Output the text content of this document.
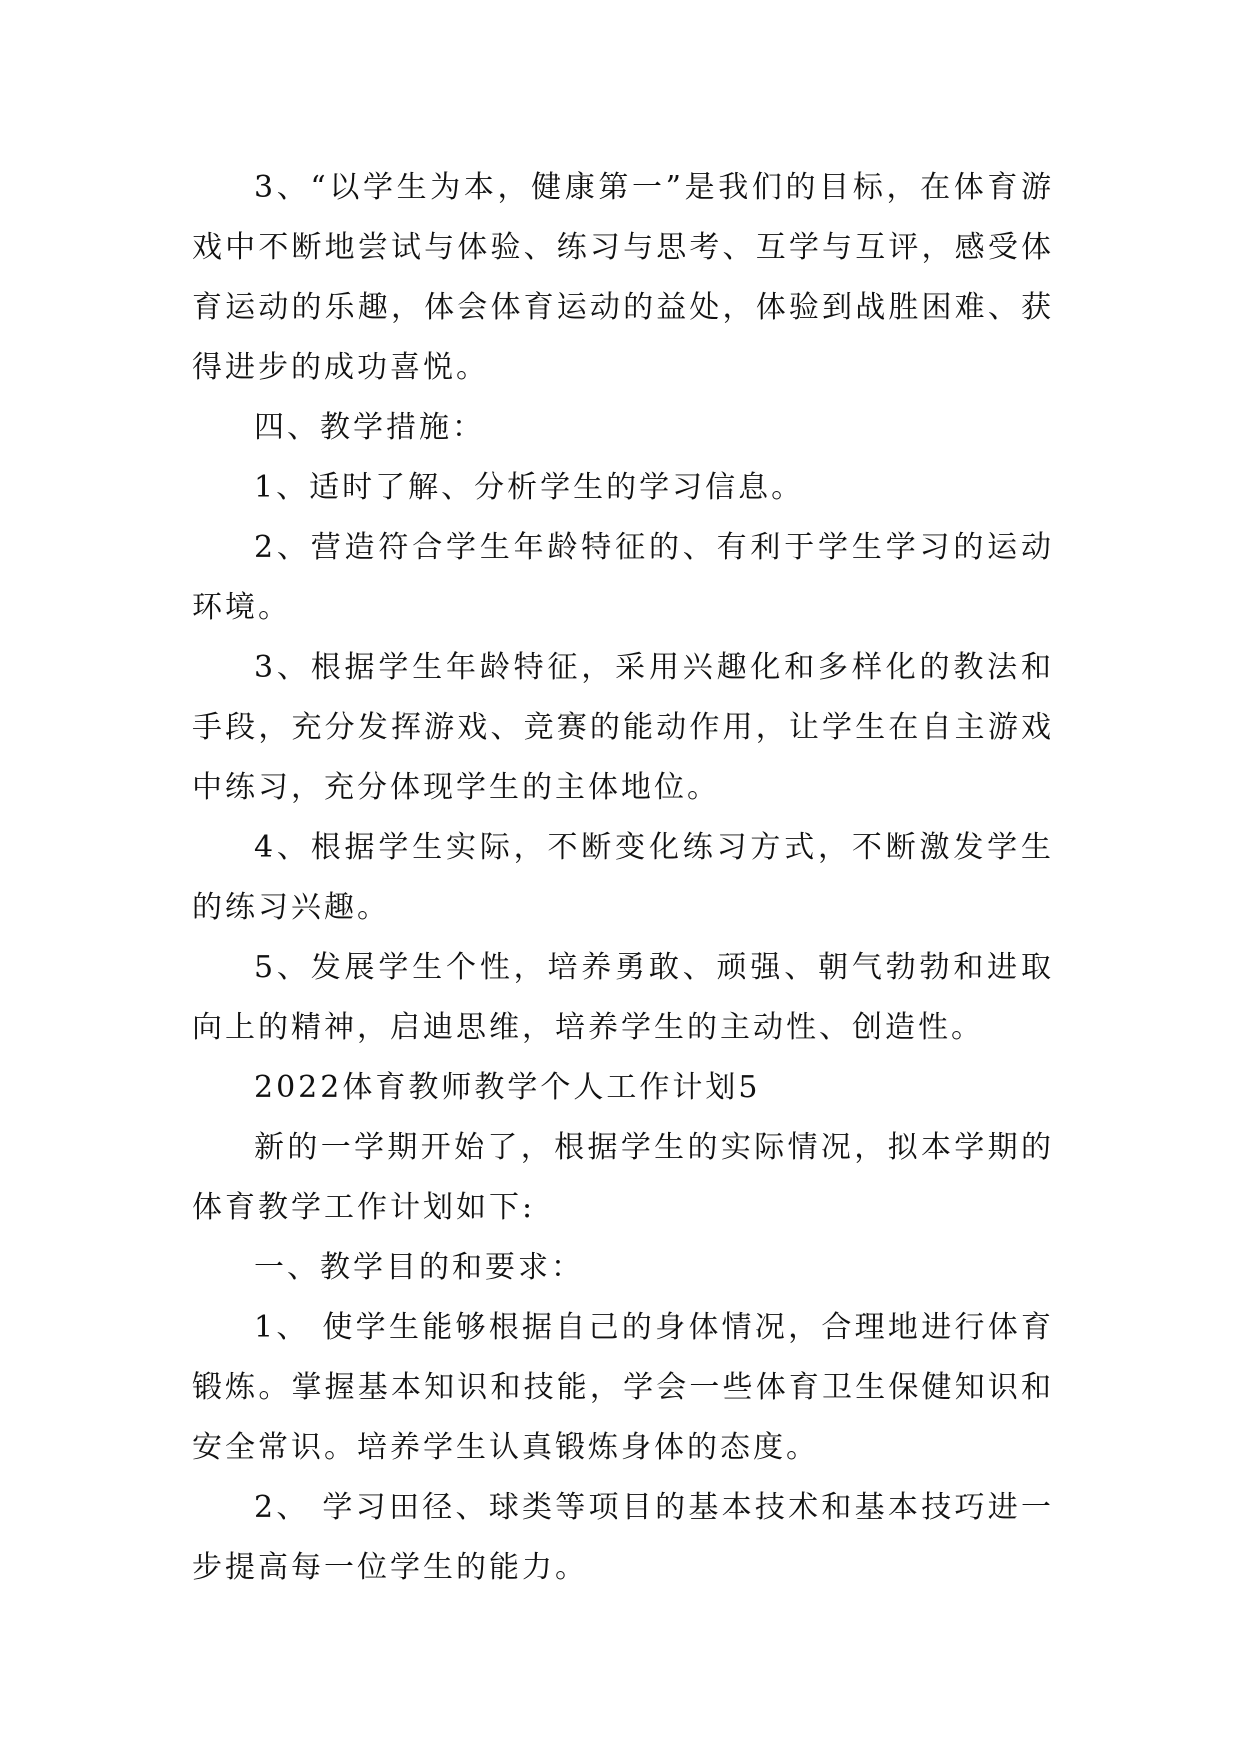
3、“以学生为本，健康第一”是我们的目标，在体育游戏中不断地尝试与体验、练习与思考、互学与互评，感受体育运动的乐趣，体会体育运动的益处，体验到战胜困难、获得进步的成功喜悦。

四、教学措施：

1、适时了解、分析学生的学习信息。

2、营造符合学生年龄特征的、有利于学生学习的运动环境。

3、根据学生年龄特征，采用兴趣化和多样化的教法和手段，充分发挥游戏、竞赛的能动作用，让学生在自主游戏中练习，充分体现学生的主体地位。

4、根据学生实际，不断变化练习方式，不断激发学生的练习兴趣。

5、发展学生个性，培养勇敢、顽强、朝气勃勃和进取向上的精神，启迪思维，培养学生的主动性、创造性。

2022体育教师教学个人工作计划5

新的一学期开始了，根据学生的实际情况，拟本学期的体育教学工作计划如下:

一、教学目的和要求：

1、 使学生能够根据自己的身体情况，合理地进行体育锻炼。掌握基本知识和技能，学会一些体育卫生保健知识和安全常识。培养学生认真锻炼身体的态度。

2、 学习田径、球类等项目的基本技术和基本技巧进一步提高每一位学生的能力。
